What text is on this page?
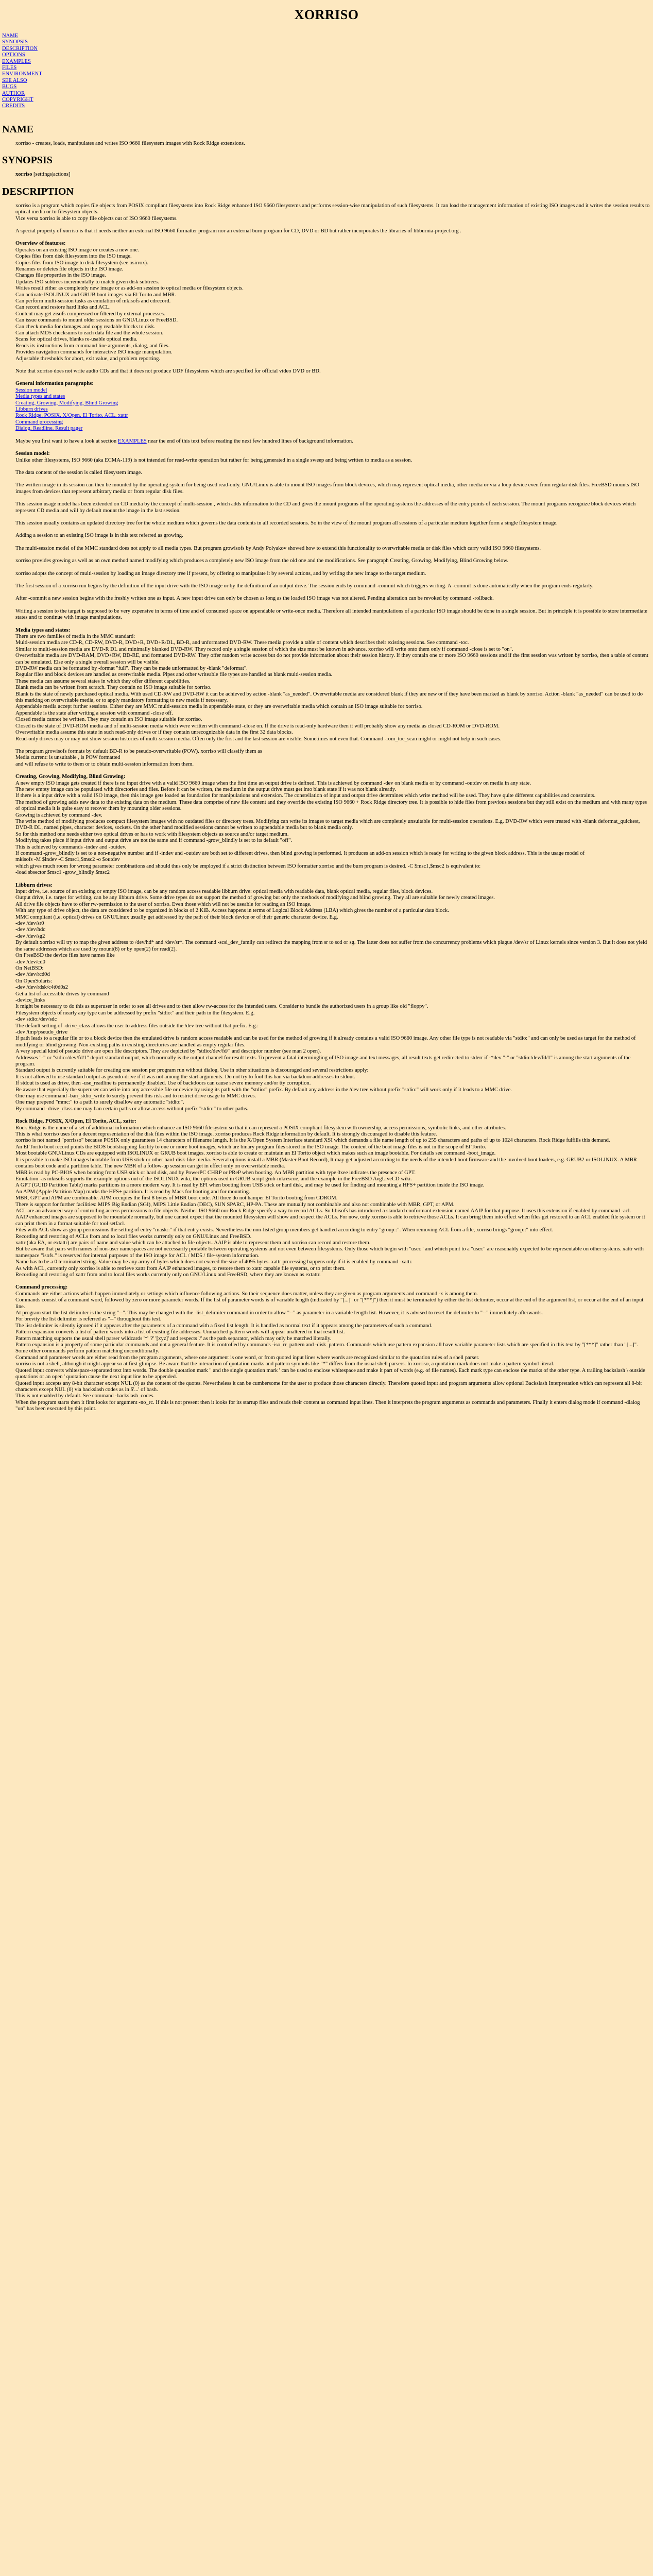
XORRISO
NAME
SYNOPSIS
DESCRIPTION
OPTIONS
EXAMPLES
FILES
ENVIRONMENT
SEE ALSO
BUGS
AUTHOR
COPYRIGHT
CREDITS
NAME

xorriso - creates, loads, manipulates and writes ISO 9660 filesystem images with Rock Ridge extensions.

SYNOPSIS
xorriso [settings|actions]
DESCRIPTION
xorriso is a program which copies file objects from POSIX compliant filesystems into Rock Ridge enhanced ISO 9660 filesystems and performs session-wise manipulation of such filesystems. It can load the management information of existing ISO images and it writes the session results to optical media or to filesystem objects.
Vice versa xorriso is able to copy file objects out of ISO 9660 filesystems.

A special property of xorriso is that it needs neither an external ISO 9660 formatter program nor an external burn program for CD, DVD or BD but rather incorporates the libraries of libburnia-project.org .

Overview of features:
Operates on an existing ISO image or creates a new one.
Copies files from disk filesystem into the ISO image.
Copies files from ISO image to disk filesystem (see osirrox).
Renames or deletes file objects in the ISO image.
Changes file properties in the ISO image.
Updates ISO subtrees incrementally to match given disk subtrees.
Writes result either as completely new image or as add-on session to optical media or filesystem objects.
Can activate ISOLINUX and GRUB boot images via El Torito and MBR.
Can perform multi-session tasks as emulation of mkisofs and cdrecord.
Can record and restore hard links and ACL.
Content may get zisofs compressed or filtered by external processes.
Can issue commands to mount older sessions on GNU/Linux or FreeBSD.
Can check media for damages and copy readable blocks to disk.
Can attach MD5 checksums to each data file and the whole session.
Scans for optical drives, blanks re-usable optical media.
Reads its instructions from command line arguments, dialog, and files.
Provides navigation commands for interactive ISO image manipulation.
Adjustable thresholds for abort, exit value, and problem reporting.

Note that xorriso does not write audio CDs and that it does not produce UDF filesystems which are specified for official video DVD or BD.

General information paragraphs:
Session model
Media types and states
Creating, Growing, Modifying, Blind Growing
Libburn drives
Rock Ridge, POSIX, X/Open, El Torito, ACL, xattr
Command processing
Dialog, Readline, Result pager

Maybe you first want to have a look at section EXAMPLES near the end of this text before reading the next few hundred lines of background information.

Session model:

Unlike other filesystems, ISO 9660 (aka ECMA-119) is not intended for read-write operation but rather for being generated in a single sweep and being written to media as a session.

The data content of the session is called filesystem image.

The written image in its session can then be mounted by the operating system for being used read-only. GNU/Linux is able to mount ISO images from block devices, which may represent optical media, other media or via a loop device even from regular disk files. FreeBSD mounts ISO images from devices that represent arbitrary media or from regular disk files.

This session usage model has been extended on CD media by the concept of multi-session , which adds information to the CD and gives the mount programs of the operating systems the addresses of the entry points of each session. The mount programs recognize block devices which represent CD media and will by default mount the image in the last session.

This session usually contains an updated directory tree for the whole medium which governs the data contents in all recorded sessions. So in the view of the mount program all sessions of a particular medium together form a single filesystem image.

Adding a session to an existing ISO image is in this text referred as growing.

The multi-session model of the MMC standard does not apply to all media types. But program growisofs by Andy Polyakov showed how to extend this functionality to overwritable media or disk files which carry valid ISO 9660 filesystems.

xorriso provides growing as well as an own method named modifying which produces a completely new ISO image from the old one and the modifications. See paragraph Creating, Growing, Modifying, Blind Growing below.

xorriso adopts the concept of multi-session by loading an image directory tree if present, by offering to manipulate it by several actions, and by writing the new image to the target medium.

The first session of a xorriso run begins by the definition of the input drive with the ISO image or by the definition of an output drive. The session ends by command -commit which triggers writing. A -commit is done automatically when the program ends regularly.

After -commit a new session begins with the freshly written one as input. A new input drive can only be chosen as long as the loaded ISO image was not altered. Pending alteration can be revoked by command -rollback.

Writing a session to the target is supposed to be very expensive in terms of time and of consumed space on appendable or write-once media. Therefore all intended manipulations of a particular ISO image should be done in a single session. But in principle it is possible to store intermediate states and to continue with image manipulations.

Media types and states:
There are two families of media in the MMC standard:
Multi-session media are CD-R, CD-RW, DVD-R, DVD+R, DVD+R/DL, BD-R, and unformatted DVD-RW. These media provide a table of content which describes their existing sessions. See command -toc.
Similar to multi-session media are DVD-R DL and minimally blanked DVD-RW. They record only a single session of which the size must be known in advance. xorriso will write onto them only if command -close is set to "on".
Overwritable media are DVD-RAM, DVD+RW, BD-RE, and formatted DVD-RW. They offer random write access but do not provide information about their session history. If they contain one or more ISO 9660 sessions and if the first session was written by xorriso, then a table of content can be emulated. Else only a single overall session will be visible.
DVD-RW media can be formatted by -format "full". They can be made unformatted by -blank "deformat".
Regular files and block devices are handled as overwritable media. Pipes and other writeable file types are handled as blank multi-session media.
These media can assume several states in which they offer different capabilities.
Blank media can be written from scratch. They contain no ISO image suitable for xorriso.
Blank is the state of newly purchased optical media. With used CD-RW and DVD-RW it can be achieved by action -blank "as_needed". Overwritable media are considered blank if they are new or if they have been marked as blank by xorriso. Action -blank "as_needed" can be used to do this marking on overwritable media, or to apply mandatory formatting to new media if necessary.
Appendable media accept further sessions. Either they are MMC multi-session media in appendable state, or they are overwritable media which contain an ISO image suitable for xorriso.
Appendable is the state after writing a session with command -close off.
Closed media cannot be written. They may contain an ISO image suitable for xorriso.
Closed is the state of DVD-ROM media and of multi-session media which were written with command -close on. If the drive is read-only hardware then it will probably show any media as closed CD-ROM or DVD-ROM.
Overwritable media assume this state in such read-only drives or if they contain unrecognizable data in the first 32 data blocks.
Read-only drives may or may not show session histories of multi-session media. Often only the first and the last session are visible. Sometimes not even that. Command -rom_toc_scan might or might not help in such cases.
The program growisofs formats by default BD-R to be pseudo-overwritable (POW). xorriso will classify them as
Media current: is unsuitable , is POW formatted
and will refuse to write to them or to obtain multi-session information from them.
Creating, Growing, Modifying, Blind Growing:
A new empty ISO image gets created if there is no input drive with a valid ISO 9660 image when the first time an output drive is defined. This is achieved by command -dev on blank media or by command -outdev on media in any state.
The new empty image can be populated with directories and files. Before it can be written, the medium in the output drive must get into blank state if it was not blank already.
If there is a input drive with a valid ISO image, then this image gets loaded as foundation for manipulations and extension. The constellation of input and output drive determines which write method will be used. They have quite different capabilities and constraints.
The method of growing adds new data to the existing data on the medium. These data comprise of new file content and they override the existing ISO 9660 + Rock Ridge directory tree. It is possible to hide files from previous sessions but they still exist on the medium and with many types of optical media it is quite easy to recover them by mounting older sessions.
Growing is achieved by command -dev.
The write method of modifying produces compact filesystem images with no outdated files or directory trees. Modifying can write its images to target media which are completely unsuitable for multi-session operations. E.g. DVD-RW which were treated with -blank deformat_quickest, DVD-R DL, named pipes, character devices, sockets. On the other hand modified sessions cannot be written to appendable media but to blank media only.
So for this method one needs either two optical drives or has to work with filesystem objects as source and/or target medium.
Modifying takes place if input drive and output drive are not the same and if command -grow_blindly is set to its default "off".
This is achieved by commands -indev and -outdev.
If command -grow_blindly is set to a non-negative number and if -indev and -outdev are both set to different drives, then blind growing is performed. It produces an add-on session which is ready for writing to the given block address. This is the usage model of
mkisofs -M $indev -C $msc1,$msc2 -o $outdev
which gives much room for wrong parameter combinations and should thus only be employed if a strict distinction between ISO formatter xorriso and the burn program is desired. -C $msc1,$msc2 is equivalent to:
-load sbsector $msc1 -grow_blindly $msc2
Libburn drives:
Input drive, i.e. source of an existing or empty ISO image, can be any random access readable libburn drive: optical media with readable data, blank optical media, regular files, block devices.
Output drive, i.e. target for writing, can be any libburn drive. Some drive types do not support the method of growing but only the methods of modifying and blind growing. They all are suitable for newly created images.
All drive file objects have to offer rw-permission to the user of xorriso. Even those which will not be useable for reading an ISO image.
With any type of drive object, the data are considered to be organized in blocks of 2 KiB. Access happens in terms of Logical Block Address (LBA) which gives the number of a particular data block.
MMC compliant (i.e. optical) drives on GNU/Linux usually get addressed by the path of their block device or of their generic character device. E.g.
-dev /dev/sr0
-dev /dev/hdc
-dev /dev/sg2
By default xorriso will try to map the given address to /dev/hd* and /dev/sr*. The command -scsi_dev_family can redirect the mapping from sr to scd or sg. The latter does not suffer from the concurrency problems which plague /dev/sr of Linux kernels since version 3. But it does not yield the same addresses which are used by mount(8) or by open(2) for read(2).
On FreeBSD the device files have names like
-dev /dev/cd0
On NetBSD:
-dev /dev/rcd0d
On OpenSolaris:
-dev /dev/rdsk/c4t0d0s2
Get a list of accessible drives by command
-device_links
It might be necessary to do this as superuser in order to see all drives and to then allow rw-access for the intended users. Consider to bundle the authorized users in a group like old "floppy".
Filesystem objects of nearly any type can be addressed by prefix "stdio:" and their path in the filesystem. E.g.
-dev stdio:/dev/sdc
The default setting of -drive_class allows the user to address files outside the /dev tree without that prefix. E.g.:
-dev /tmp/pseudo_drive
If path leads to a regular file or to a block device then the emulated drive is random access readable and can be used for the method of growing if it already contains a valid ISO 9660 image. Any other file type is not readable via "stdio:" and can only be used as target for the method of modifying or blind growing. Non-existing paths in existing directories are handled as empty regular files.
A very special kind of pseudo drive are open file descriptors. They are depicted by "stdio:/dev/fd/" and descriptor number (see man 2 open).
Addresses "-" or "stdio:/dev/fd/1" depict standard output, which normally is the output channel for result texts. To prevent a fatal intermingling of ISO image and text messages, all result texts get redirected to stderr if -*dev "-" or "stdio:/dev/fd/1" is among the start arguments of the program.
Standard output is currently suitable for creating one session per program run without dialog. Use in other situations is discouraged and several restrictions apply:
It is not allowed to use standard output as pseudo-drive if it was not among the start arguments. Do not try to fool this ban via backdoor addresses to stdout.
If stdout is used as drive, then -use_readline is permanently disabled. Use of backdoors can cause severe memory and/or tty corruption.
Be aware that especially the superuser can write into any accessible file or device by using its path with the "stdio:" prefix. By default any address in the /dev tree without prefix "stdio:" will work only if it leads to a MMC drive.
One may use command -ban_stdio_write to surely prevent this risk and to restrict drive usage to MMC drives.
One may prepend "mmc:" to a path to surely disallow any automatic "stdio:".
By command -drive_class one may ban certain paths or allow access without prefix "stdio:" to other paths.
Rock Ridge, POSIX, X/Open, El Torito, ACL, xattr:
Rock Ridge is the name of a set of additional information which enhance an ISO 9660 filesystem so that it can represent a POSIX compliant filesystem with ownership, access permissions, symbolic links, and other attributes.
This is what xorriso uses for a decent representation of the disk files within the ISO image. xorriso produces Rock Ridge information by default. It is strongly discouraged to disable this feature.
xorriso is not named "porrisso" because POSIX only guarantees 14 characters of filename length. It is the X/Open System Interface standard XSI which demands a file name length of up to 255 characters and paths of up to 1024 characters. Rock Ridge fulfills this demand.
An El Torito boot record points the BIOS bootstrapping facility to one or more boot images, which are binary program files stored in the ISO image. The content of the boot image files is not in the scope of El Torito.
Most bootable GNU/Linux CDs are equipped with ISOLINUX or GRUB boot images. xorriso is able to create or maintain an El Torito object which makes such an image bootable. For details see command -boot_image.
It is possible to make ISO images bootable from USB stick or other hard-disk-like media. Several options install a MBR (Master Boot Record), It may get adjusted according to the needs of the intended boot firmware and the involved boot loaders, e.g. GRUB2 or ISOLINUX. A MBR contains boot code and a partition table. The new MBR of a follow-up session can get in effect only on overwritable media.
MBR is read by PC-BIOS when booting from USB stick or hard disk, and by PowerPC CHRP or PReP when booting. An MBR partition with type 0xee indicates the presence of GPT.
Emulation -as mkisofs supports the example options out of the ISOLINUX wiki, the options used in GRUB script grub-mkrescue, and the example in the FreeBSD AvgLiveCD wiki.
A GPT (GUID Partition Table) marks partitions in a more modern way. It is read by EFI when booting from USB stick or hard disk, and may be used for finding and mounting a HFS+ partition inside the ISO image.
An APM (Apple Partition Map) marks the HFS+ partition. It is read by Macs for booting and for mounting.
MBR, GPT and APM are combinable. APM occupies the first 8 bytes of MBR boot code. All three do not hamper El Torito booting from CDROM.
There is support for further facilities: MIPS Big Endian (SGI), MIPS Little Endian (DEC), SUN SPARC, HP-PA. These are mutually not combinable and also not combinable with MBR, GPT, or APM.
ACL are an advanced way of controlling access permissions to file objects. Neither ISO 9660 nor Rock Ridge specify a way to record ACLs. So libisofs has introduced a standard conformant extension named AAIP for that purpose. It uses this extension if enabled by command -acl.
AAIP enhanced images are supposed to be mountable normally, but one cannot expect that the mounted filesystem will show and respect the ACLs. For now, only xorriso is able to retrieve those ACLs. It can bring them into effect when files get restored to an ACL enabled file system or it can print them in a format suitable for tool setfacl.
Files with ACL show as group permissions the setting of entry "mask::" if that entry exists. Nevertheless the non-listed group members get handled according to entry "group::". When removing ACL from a file, xorriso brings "group::" into effect.
Recording and restoring of ACLs from and to local files works currently only on GNU/Linux and FreeBSD.
xattr (aka EA, or extattr) are pairs of name and value which can be attached to file objects. AAIP is able to represent them and xorriso can record and restore them.
But be aware that pairs with names of non-user namespaces are not necessarily portable between operating systems and not even between filesystems. Only those which begin with "user." and which point to a "user." are reasonably expected to be representable on other systems. xattr with namespace "isofs." is reserved for internal purposes of the ISO image for ACL / MD5 / file-system information.
Name has to be a 0 terminated string. Value may be any array of bytes which does not exceed the size of 4095 bytes. xattr processing happens only if it is enabled by command -xattr.
As with ACL, currently only xorriso is able to retrieve xattr from AAIP enhanced images, to restore them to xattr capable file systems, or to print them.
Recording and restoring of xattr from and to local files works currently only on GNU/Linux and FreeBSD, where they are known as extattr.
Command processing:
Commands are either actions which happen immediately or settings which influence following actions. So their sequence does matter, unless they are given as program arguments and command -x is among them.
Commands consist of a command word, followed by zero or more parameter words. If the list of parameter words is of variable length (indicated by "[...]" or "[***]") then it must be terminated by either the list delimiter, occur at the end of the argument list, or occur at the end of an input line.
At program start the list delimiter is the string "--". This may be changed with the -list_delimiter command in order to allow "--" as parameter in a variable length list. However, it is advised to reset the delimiter to "--" immediately afterwards.
For brevity the list delimiter is referred as "--" throughout this text.
The list delimiter is silently ignored if it appears after the parameters of a command with a fixed list length. It is handled as normal text if it appears among the parameters of such a command.
Pattern expansion converts a list of pattern words into a list of existing file addresses. Unmatched pattern words will appear unaltered in that result list.
Pattern matching supports the usual shell parser wildcards '*' '?' '[xyz]' and respects '/' as the path separator, which may only be matched literally.
Pattern expansion is a property of some particular commands and not a general feature. It is controlled by commands -iso_rr_pattern and -disk_pattern. Commands which use pattern expansion all have variable parameter lists which are specified in this text by "[***]" rather than "[...]".
Some other commands perform pattern matching unconditionally.
Command and parameter words are either read from the program arguments, where one argument is one word, or from quoted input lines where words are recognized similar to the quotation rules of a shell parser.
xorriso is not a shell, although it might appear so at first glimpse. Be aware that the interaction of quotation marks and pattern symbols like "*" differs from the usual shell parsers. In xorriso, a quotation mark does not make a pattern symbol literal.
Quoted input converts whitespace-separated text into words. The double quotation mark " and the single quotation mark ' can be used to enclose whitespace and make it part of words (e.g. of file names). Each mark type can enclose the marks of the other type. A trailing backslash \ outside quotations or an open ' quotation cause the next input line to be appended.
Quoted input accepts any 8-bit character except NUL (0) as the content of the quotes. Nevertheless it can be cumbersome for the user to produce those characters directly. Therefore quoted input and program arguments allow optional Backslash Interpretation which can represent all 8-bit characters except NUL (0) via backslash codes as in $'...' of bash.
This is not enabled by default. See command -backslash_codes.
When the program starts then it first looks for argument -no_rc. If this is not present then it looks for its startup files and reads their content as command input lines. Then it interprets the program arguments as commands and parameters. Finally it enters dialog mode if command -dialog "on" has been executed by this point.
